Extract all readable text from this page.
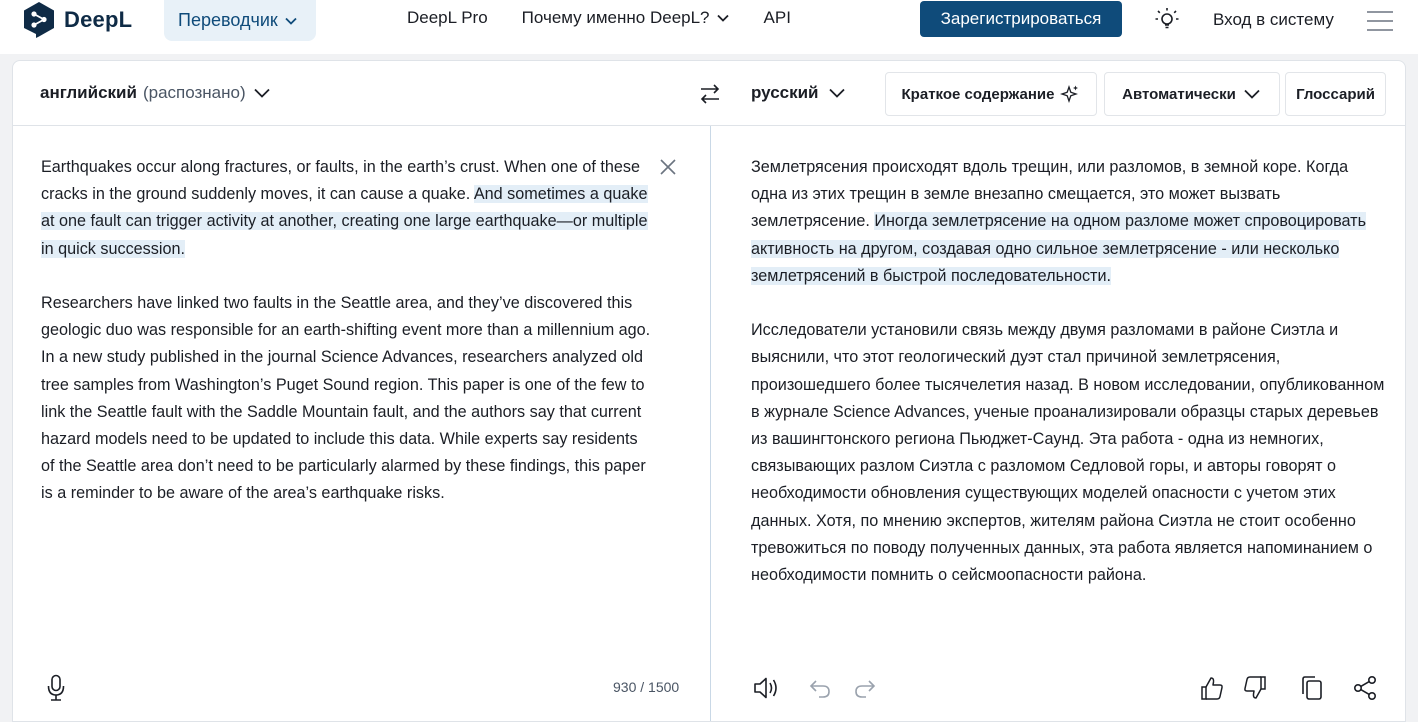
DeepL	Переводчик	DeepL Pro Почему именно DeepL?	API	Зарегистрироваться	Вход в систему
английский (распознано)	русский	Краткое содержание	Автоматически	Глоссарий

Earthquakes occur along fractures, or faults, in the earth’s crust. When one of these cracks in the ground suddenly moves, it can cause a quake. And sometimes a quake at one fault can trigger activity at another, creating one large earthquake—or multiple in quick succession.

Researchers have linked two faults in the Seattle area, and they’ve discovered this geologic duo was responsible for an earth-shifting event more than a millennium ago. In a new study published in the journal Science Advances, researchers analyzed old tree samples from Washington’s Puget Sound region. This paper is one of the few to link the Seattle fault with the Saddle Mountain fault, and the authors say that current hazard models need to be updated to include this data. While experts say residents of the Seattle area don’t need to be particularly alarmed by these findings, this paper is a reminder to be aware of the area’s earthquake risks.

Землетрясения происходят вдоль трещин, или разломов, в земной коре. Когда одна из этих трещин в земле внезапно смещается, это может вызвать землетрясение. Иногда землетрясение на одном разломе может спровоцировать активность на другом, создавая одно сильное землетрясение - или несколько землетрясений в быстрой последовательности.

Исследователи установили связь между двумя разломами в районе Сиэтла и выяснили, что этот геологический дуэт стал причиной землетрясения, произошедшего более тысячелетия назад. В новом исследовании, опубликованном в журнале Science Advances, ученые проанализировали образцы старых деревьев из вашингтонского региона Пьюджет-Саунд. Эта работа - одна из немногих, связывающих разлом Сиэтла с разломом Седловой горы, и авторы говорят о необходимости обновления существующих моделей опасности с учетом этих данных. Хотя, по мнению экспертов, жителям района Сиэтла не стоит особенно тревожиться по поводу полученных данных, эта работа является напоминанием о необходимости помнить о сейсмоопасности района.

930 / 1500
